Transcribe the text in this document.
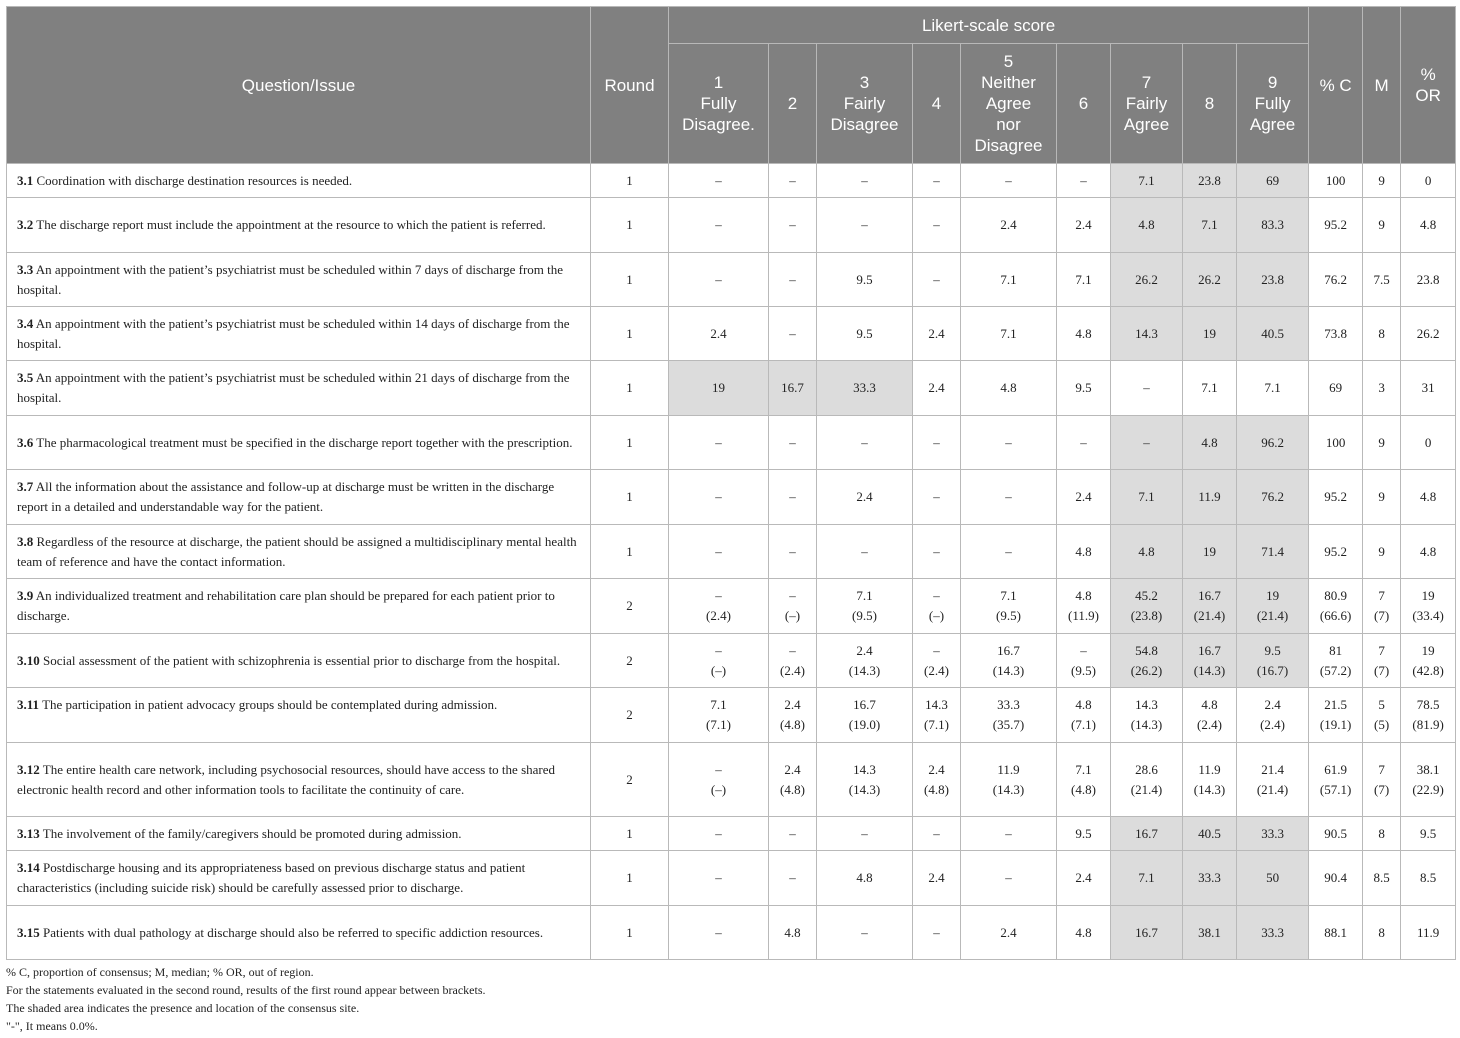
Question/Issue	Round	Likert-scale score									% C	M	%
OR

		1
Fully
Disagree.	2	3
Fairly
Disagree	4	5
Neither
Agree
nor
Disagree	6	7
Fairly
Agree	8	9
Fully
Agree			

3.1 Coordination with discharge destination resources is needed.	1	–	–	–	–	–	–	7.1	23.8	69	100	9	0

3.2 The discharge report must include the appointment at the resource to which the patient is referred.	1	–	–	–	–	2.4	2.4	4.8	7.1	83.3	95.2	9	4.8

3.3 An appointment with the patient’s psychiatrist must be scheduled within 7 days of discharge from the hospital.	1	–	–	9.5	–	7.1	7.1	26.2	26.2	23.8	76.2	7.5	23.8

3.4 An appointment with the patient’s psychiatrist must be scheduled within 14 days of discharge from the hospital.	1	2.4	–	9.5	2.4	7.1	4.8	14.3	19	40.5	73.8	8	26.2

3.5 An appointment with the patient’s psychiatrist must be scheduled within 21 days of discharge from the hospital.	1	19	16.7	33.3	2.4	4.8	9.5	–	7.1	7.1	69	3	31

3.6 The pharmacological treatment must be specified in the discharge report together with the prescription.	1	–	–	–	–	–	–	–	4.8	96.2	100	9	0

3.7 All the information about the assistance and follow-up at discharge must be written in the discharge report in a detailed and understandable way for the patient.	1	–	–	2.4	–	–	2.4	7.1	11.9	76.2	95.2	9	4.8

3.8 Regardless of the resource at discharge, the patient should be assigned a multidisciplinary mental health team of reference and have the contact information.	1	–	–	–	–	–	4.8	4.8	19	71.4	95.2	9	4.8

3.9 An individualized treatment and rehabilitation care plan should be prepared for each patient prior to discharge.	2	–
(2.4)	–
(–)	7.1
(9.5)	–
(–)	7.1
(9.5)	4.8
(11.9)	45.2
(23.8)	16.7
(21.4)	19
(21.4)	80.9
(66.6)	7
(7)	19
(33.4)

3.10 Social assessment of the patient with schizophrenia is essential prior to discharge from the hospital.	2	–
(–)	–
(2.4)	2.4
(14.3)	–
(2.4)	16.7
(14.3)	–
(9.5)	54.8
(26.2)	16.7
(14.3)	9.5
(16.7)	81
(57.2)	7
(7)	19
(42.8)

3.11 The participation in patient advocacy groups should be contemplated during admission.	2	7.1
(7.1)	2.4
(4.8)	16.7
(19.0)	14.3
(7.1)	33.3
(35.7)	4.8
(7.1)	14.3
(14.3)	4.8
(2.4)	2.4
(2.4)	21.5
(19.1)	5
(5)	78.5
(81.9)

3.12 The entire health care network, including psychosocial resources, should have access to the shared electronic health record and other information tools to facilitate the continuity of care.	2	–
(–)	2.4
(4.8)	14.3
(14.3)	2.4
(4.8)	11.9
(14.3)	7.1
(4.8)	28.6
(21.4)	11.9
(14.3)	21.4
(21.4)	61.9
(57.1)	7
(7)	38.1
(22.9)

3.13 The involvement of the family/caregivers should be promoted during admission.	1	–	–	–	–	–	9.5	16.7	40.5	33.3	90.5	8	9.5

3.14 Postdischarge housing and its appropriateness based on previous discharge status and patient characteristics (including suicide risk) should be carefully assessed prior to discharge.	1	–	–	4.8	2.4	–	2.4	7.1	33.3	50	90.4	8.5	8.5

3.15 Patients with dual pathology at discharge should also be referred to specific addiction resources.	1	–	4.8	–	–	2.4	4.8	16.7	38.1	33.3	88.1	8	11.9
% C, proportion of consensus; M, median; % OR, out of region.
For the statements evaluated in the second round, results of the first round appear between brackets.
The shaded area indicates the presence and location of the consensus site.
"-", It means 0.0%.
